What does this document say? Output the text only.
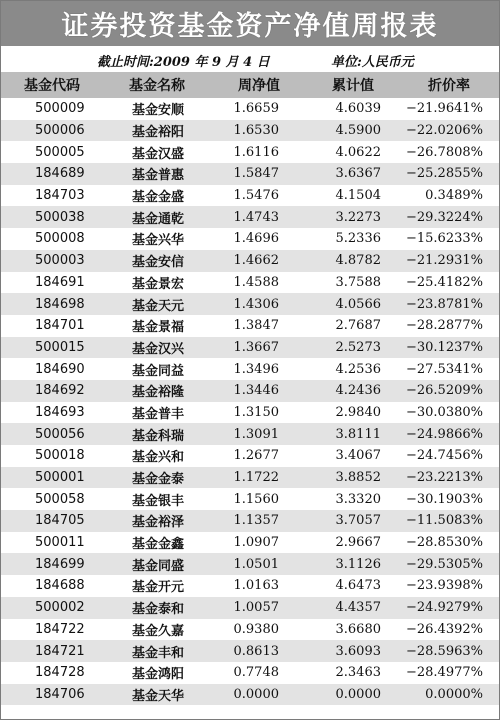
证券投资基金资产净值周报表
截止时间:2009 年 9 月 4 日	单位:人民币元
基金代码	基金名称	周净值	累计值	折价率
500009	基金安顺	1.6659	4.6039	−21.9641%
500006	基金裕阳	1.6530	4.5900	−22.0206%
500005	基金汉盛	1.6116	4.0622	−26.7808%
184689	基金普惠	1.5847	3.6367	−25.2855%
184703	基金金盛	1.5476	4.1504	0.3489%
500038	基金通乾	1.4743	3.2273	−29.3224%
500008	基金兴华	1.4696	5.2336	−15.6233%
500003	基金安信	1.4662	4.8782	−21.2931%
184691	基金景宏	1.4588	3.7588	−25.4182%
184698	基金天元	1.4306	4.0566	−23.8781%
184701	基金景福	1.3847	2.7687	−28.2877%
500015	基金汉兴	1.3667	2.5273	−30.1237%
184690	基金同益	1.3496	4.2536	−27.5341%
184692	基金裕隆	1.3446	4.2436	−26.5209%
184693	基金普丰	1.3150	2.9840	−30.0380%
500056	基金科瑞	1.3091	3.8111	−24.9866%
500018	基金兴和	1.2677	3.4067	−24.7456%
500001	基金金泰	1.1722	3.8852	−23.2213%
500058	基金银丰	1.1560	3.3320	−30.1903%
184705	基金裕泽	1.1357	3.7057	−11.5083%
500011	基金金鑫	1.0907	2.9667	−28.8530%
184699	基金同盛	1.0501	3.1126	−29.5305%
184688	基金开元	1.0163	4.6473	−23.9398%
500002	基金泰和	1.0057	4.4357	−24.9279%
184722	基金久嘉	0.9380	3.6680	−26.4392%
184721	基金丰和	0.8613	3.6093	−28.5963%
184728	基金鸿阳	0.7748	2.3463	−28.4977%
184706	基金天华	0.0000	0.0000	0.0000%
